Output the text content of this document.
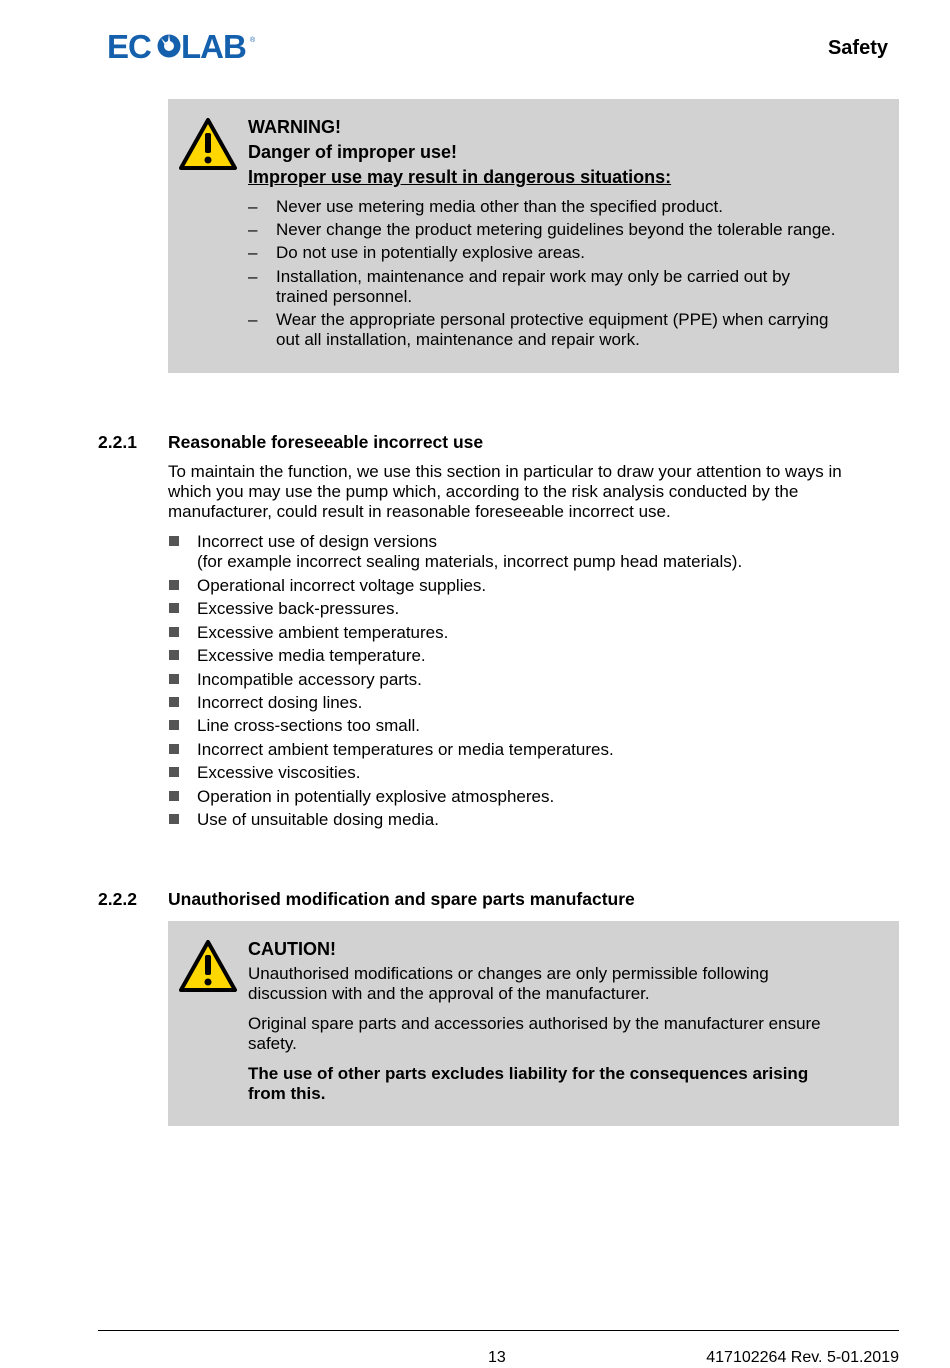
EC LAB ®	Safety

WARNING!

Danger of improper use!

Improper use may result in dangerous situations:

– Never use metering media other than the specified product.

– Never change the product metering guidelines beyond the tolerable range.

– Do not use in potentially explosive areas.

– Installation, maintenance and repair work may only be carried out by

trained personnel.

– Wear the appropriate personal protective equipment (PPE) when carrying

out all installation, maintenance and repair work.

2.2.1 Reasonable foreseeable incorrect use

To maintain the function, we use this section in particular to draw your attention to ways in

which you may use the pump which, according to the risk analysis conducted by the

manufacturer, could result in reasonable foreseeable incorrect use.

Incorrect use of design versions

(for example incorrect sealing materials, incorrect pump head materials).

Operational incorrect voltage supplies.

Excessive back-pressures.

Excessive ambient temperatures.

Excessive media temperature.

Incompatible accessory parts.

Incorrect dosing lines.

Line cross-sections too small.

Incorrect ambient temperatures or media temperatures.

Excessive viscosities.

Operation in potentially explosive atmospheres.

Use of unsuitable dosing media.

2.2.2 Unauthorised modification and spare parts manufacture

CAUTION!

Unauthorised modifications or changes are only permissible following

discussion with and the approval of the manufacturer.

Original spare parts and accessories authorised by the manufacturer ensure

safety.

The use of other parts excludes liability for the consequences arising

from this.

13	417102264 Rev. 5-01.2019
